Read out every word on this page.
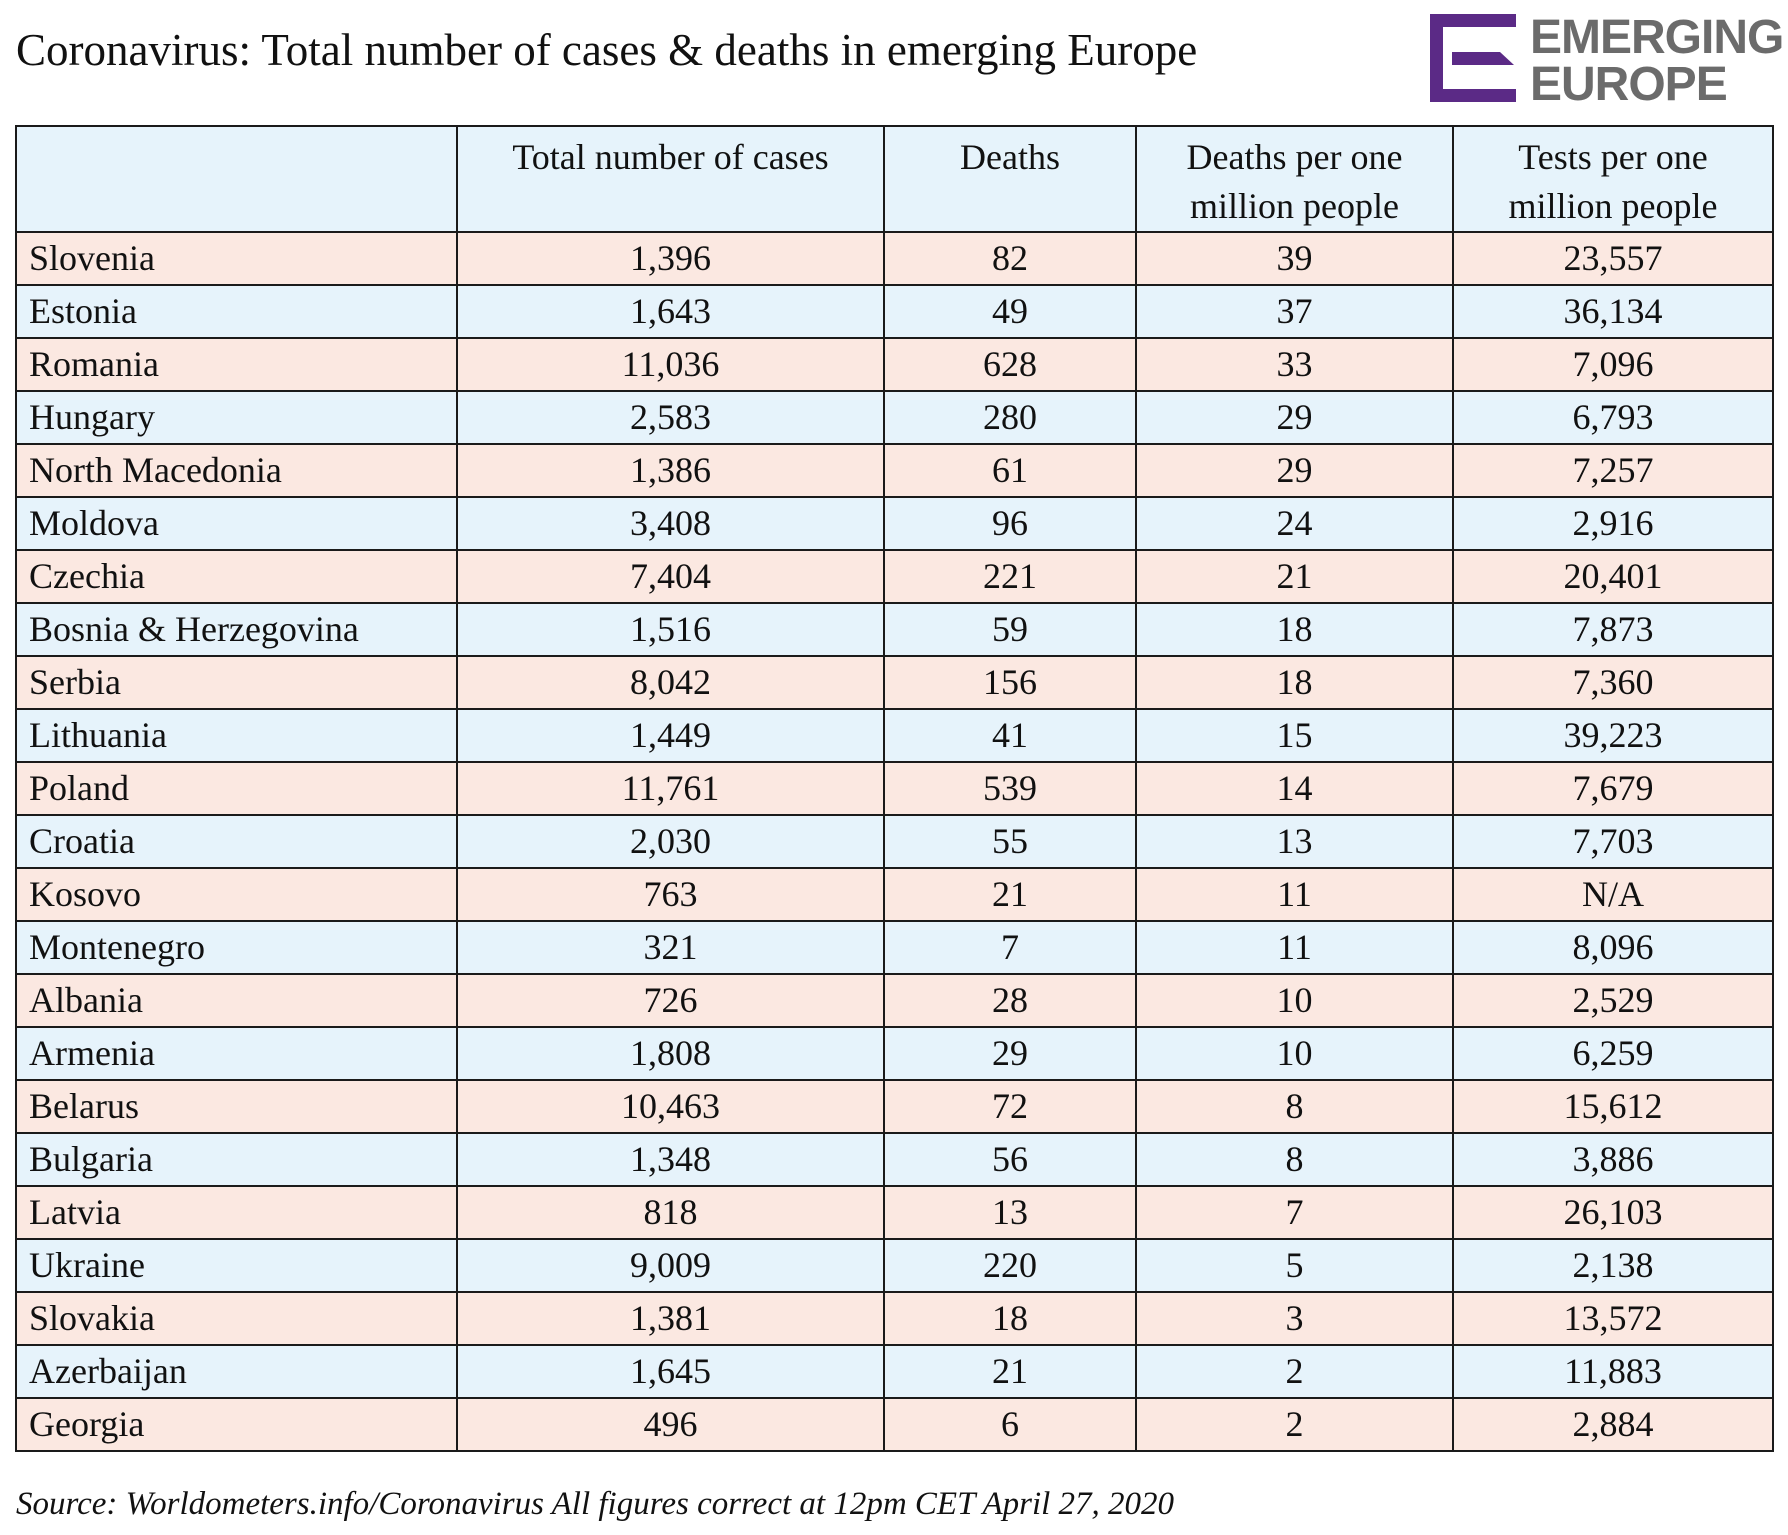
Coronavirus: Total number of cases & deaths in emerging Europe	EMERGING
EUROPE
	Total number of cases	Deaths	Deaths per one million people	Tests per one million people
Slovenia	1,396	82	39	23,557
Estonia	1,643	49	37	36,134
Romania	11,036	628	33	7,096
Hungary	2,583	280	29	6,793
North Macedonia	1,386	61	29	7,257
Moldova	3,408	96	24	2,916
Czechia	7,404	221	21	20,401
Bosnia & Herzegovina	1,516	59	18	7,873
Serbia	8,042	156	18	7,360
Lithuania	1,449	41	15	39,223
Poland	11,761	539	14	7,679
Croatia	2,030	55	13	7,703
Kosovo	763	21	11	N/A
Montenegro	321	7	11	8,096
Albania	726	28	10	2,529
Armenia	1,808	29	10	6,259
Belarus	10,463	72	8	15,612
Bulgaria	1,348	56	8	3,886
Latvia	818	13	7	26,103
Ukraine	9,009	220	5	2,138
Slovakia	1,381	18	3	13,572
Azerbaijan	1,645	21	2	11,883
Georgia	496	6	2	2,884
Source: Worldometers.info/Coronavirus All figures correct at 12pm CET April 27, 2020
